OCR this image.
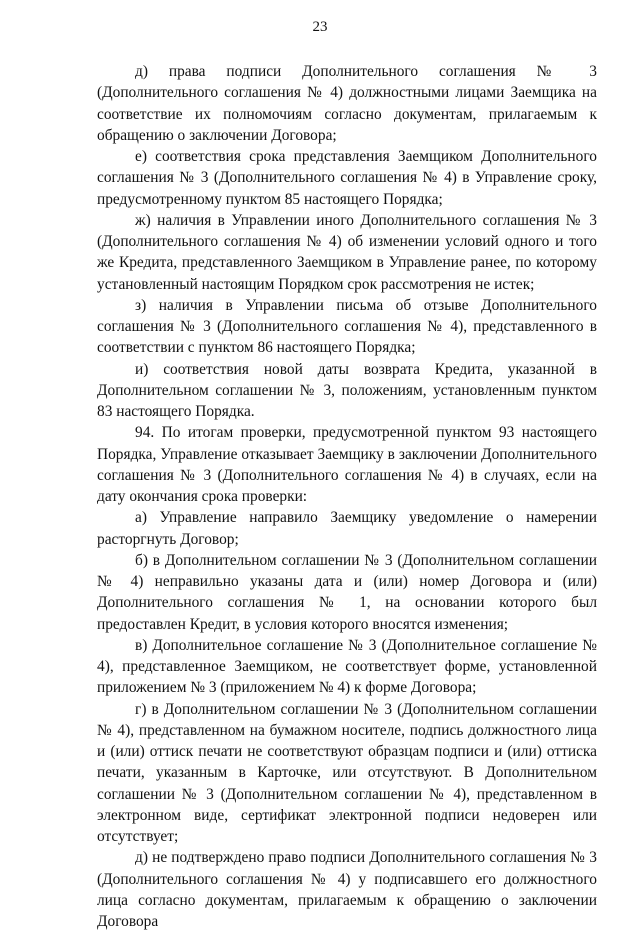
23

д) права подписи Дополнительного соглашения № 3 (Дополнительного соглашения № 4) должностными лицами Заемщика на соответствие их полномочиям согласно документам, прилагаемым к обращению о заключении Договора;

е) соответствия срока представления Заемщиком Дополнительного соглашения № 3 (Дополнительного соглашения № 4) в Управление сроку, предусмотренному пунктом 85 настоящего Порядка;

ж) наличия в Управлении иного Дополнительного соглашения № 3 (Дополнительного соглашения № 4) об изменении условий одного и того же Кредита, представленного Заемщиком в Управление ранее, по которому установленный настоящим Порядком срок рассмотрения не истек;

з) наличия в Управлении письма об отзыве Дополнительного соглашения № 3 (Дополнительного соглашения № 4), представленного в соответствии с пунктом 86 настоящего Порядка;

и) соответствия новой даты возврата Кредита, указанной в Дополнительном соглашении № 3, положениям, установленным пунктом 83 настоящего Порядка.

94. По итогам проверки, предусмотренной пунктом 93 настоящего Порядка, Управление отказывает Заемщику в заключении Дополнительного соглашения № 3 (Дополнительного соглашения № 4) в случаях, если на дату окончания срока проверки:

а) Управление направило Заемщику уведомление о намерении расторгнуть Договор;

б) в Дополнительном соглашении № 3 (Дополнительном соглашении № 4) неправильно указаны дата и (или) номер Договора и (или) Дополнительного соглашения № 1, на основании которого был предоставлен Кредит, в условия которого вносятся изменения;

в) Дополнительное соглашение № 3 (Дополнительное соглашение № 4), представленное Заемщиком, не соответствует форме, установленной приложением № 3 (приложением № 4) к форме Договора;

г) в Дополнительном соглашении № 3 (Дополнительном соглашении № 4), представленном на бумажном носителе, подпись должностного лица и (или) оттиск печати не соответствуют образцам подписи и (или) оттиска печати, указанным в Карточке, или отсутствуют. В Дополнительном соглашении № 3 (Дополнительном соглашении № 4), представленном в электронном виде, сертификат электронной подписи недоверен или отсутствует;

д) не подтверждено право подписи Дополнительного соглашения № 3 (Дополнительного соглашения № 4) у подписавшего его должностного лица согласно документам, прилагаемым к обращению о заключении Договора
